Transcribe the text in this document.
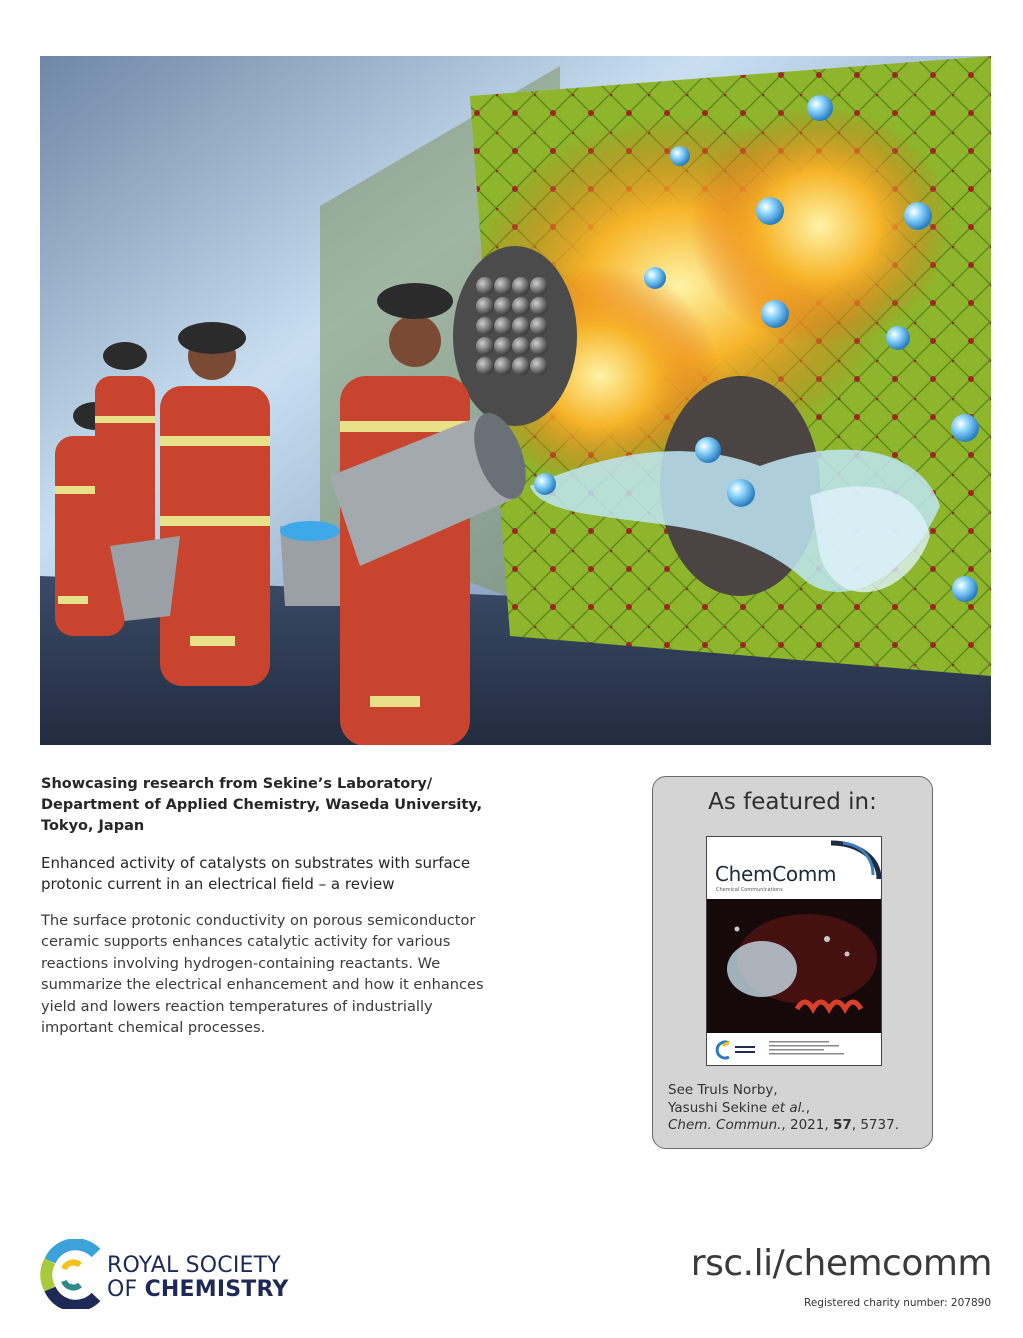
Showcasing research from Sekine’s Laboratory/
Department of Applied Chemistry, Waseda University,
Tokyo, Japan
Enhanced activity of catalysts on substrates with surface
protonic current in an electrical field – a review
The surface protonic conductivity on porous semiconductor
ceramic supports enhances catalytic activity for various
reactions involving hydrogen-containing reactants. We
summarize the electrical enhancement and how it enhances
yield and lowers reaction temperatures of industrially
important chemical processes.
As featured in:
ChemComm
Chemical Communications
See Truls Norby,
Yasushi Sekine et al.,
Chem. Commun., 2021, 57, 5737.
ROYAL SOCIETY
OF CHEMISTRY
rsc.li/chemcomm
Registered charity number: 207890
